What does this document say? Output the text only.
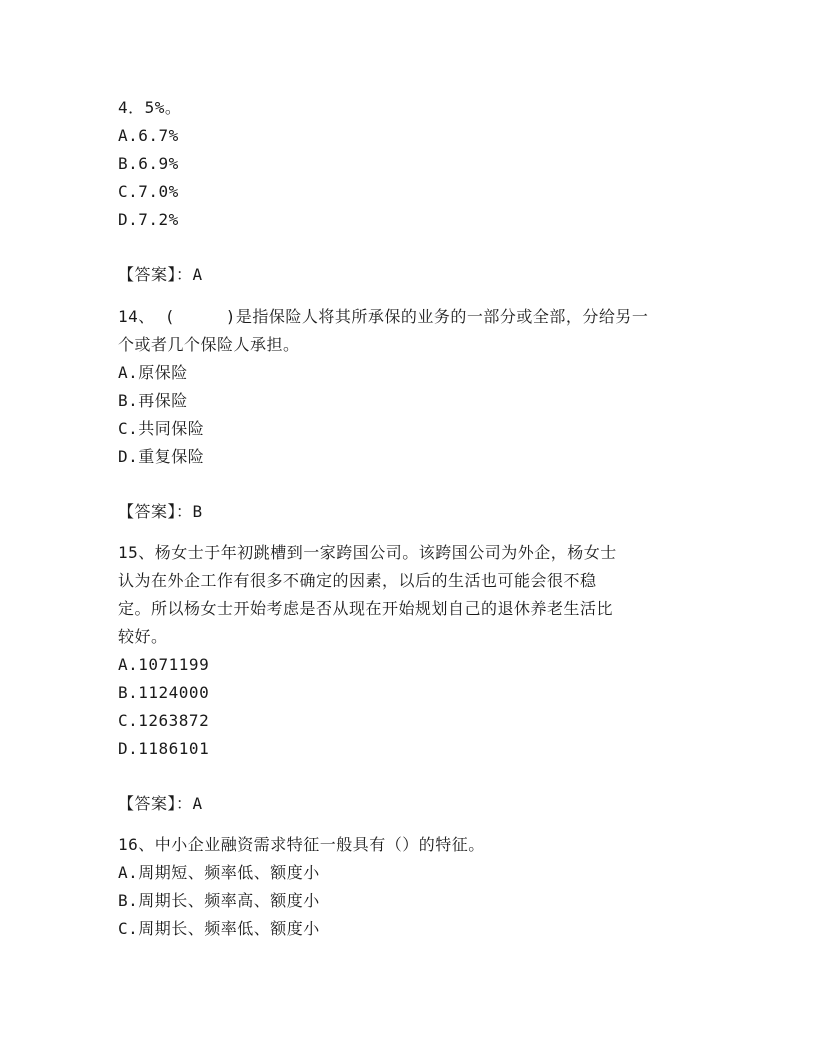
4．5%。
A.6.7%
B.6.9%
C.7.0%
D.7.2%
【答案】：A
14、 (     )是指保险人将其所承保的业务的一部分或全部，分给另一
个或者几个保险人承担。
A.原保险
B.再保险
C.共同保险
D.重复保险
【答案】：B
15、杨女士于年初跳槽到一家跨国公司。该跨国公司为外企，杨女士
认为在外企工作有很多不确定的因素，以后的生活也可能会很不稳
定。所以杨女士开始考虑是否从现在开始规划自己的退休养老生活比
较好。
A.1071199
B.1124000
C.1263872
D.1186101
【答案】：A
16、中小企业融资需求特征一般具有（）的特征。
A.周期短、频率低、额度小
B.周期长、频率高、额度小
C.周期长、频率低、额度小
